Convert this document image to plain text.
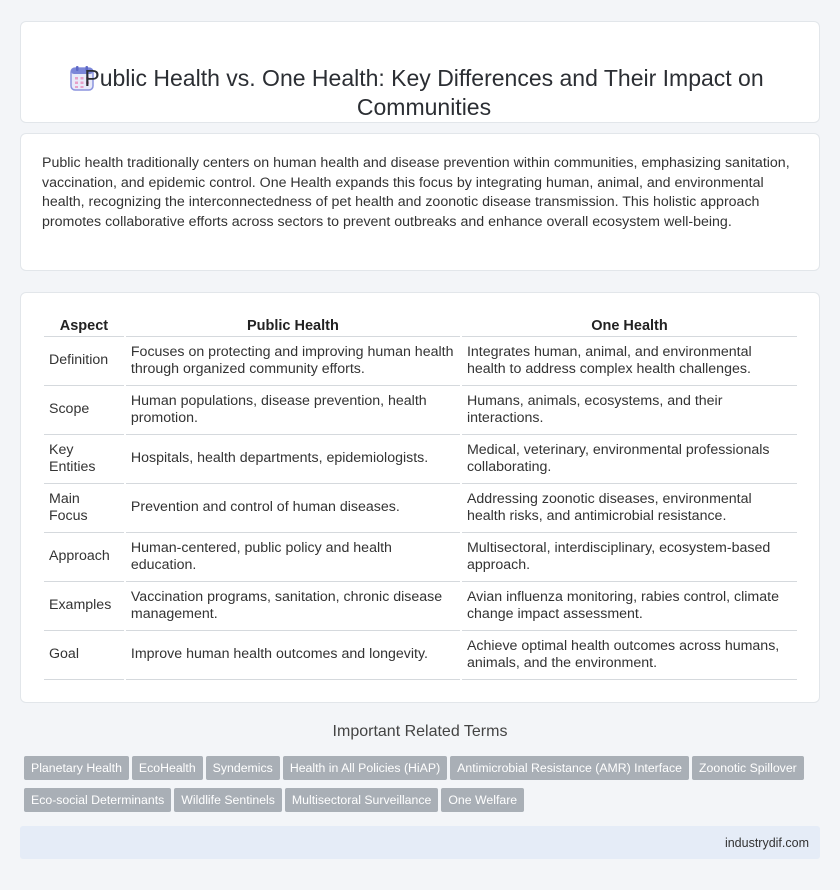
Public Health vs. One Health: Key Differences and Their Impact on Communities

Public health traditionally centers on human health and disease prevention within communities, emphasizing sanitation, vaccination, and epidemic control. One Health expands this focus by integrating human, animal, and environmental health, recognizing the interconnectedness of pet health and zoonotic disease transmission. This holistic approach promotes collaborative efforts across sectors to prevent outbreaks and enhance overall ecosystem well-being.

Aspect	Public Health	One Health
Definition	Focuses on protecting and improving human health through organized community efforts.	Integrates human, animal, and environmental health to address complex health challenges.
Scope	Human populations, disease prevention, health promotion.	Humans, animals, ecosystems, and their interactions.
Key Entities	Hospitals, health departments, epidemiologists.	Medical, veterinary, environmental professionals collaborating.
Main Focus	Prevention and control of human diseases.	Addressing zoonotic diseases, environmental health risks, and antimicrobial resistance.
Approach	Human-centered, public policy and health education.	Multisectoral, interdisciplinary, ecosystem-based approach.
Examples	Vaccination programs, sanitation, chronic disease management.	Avian influenza monitoring, rabies control, climate change impact assessment.
Goal	Improve human health outcomes and longevity.	Achieve optimal health outcomes across humans, animals, and the environment.
Important Related Terms
Planetary Health EcoHealth Syndemics Health in All Policies (HiAP) Antimicrobial Resistance (AMR) Interface Zoonotic Spillover
Eco-social Determinants Wildlife Sentinels Multisectoral Surveillance One Welfare
industrydif.com
